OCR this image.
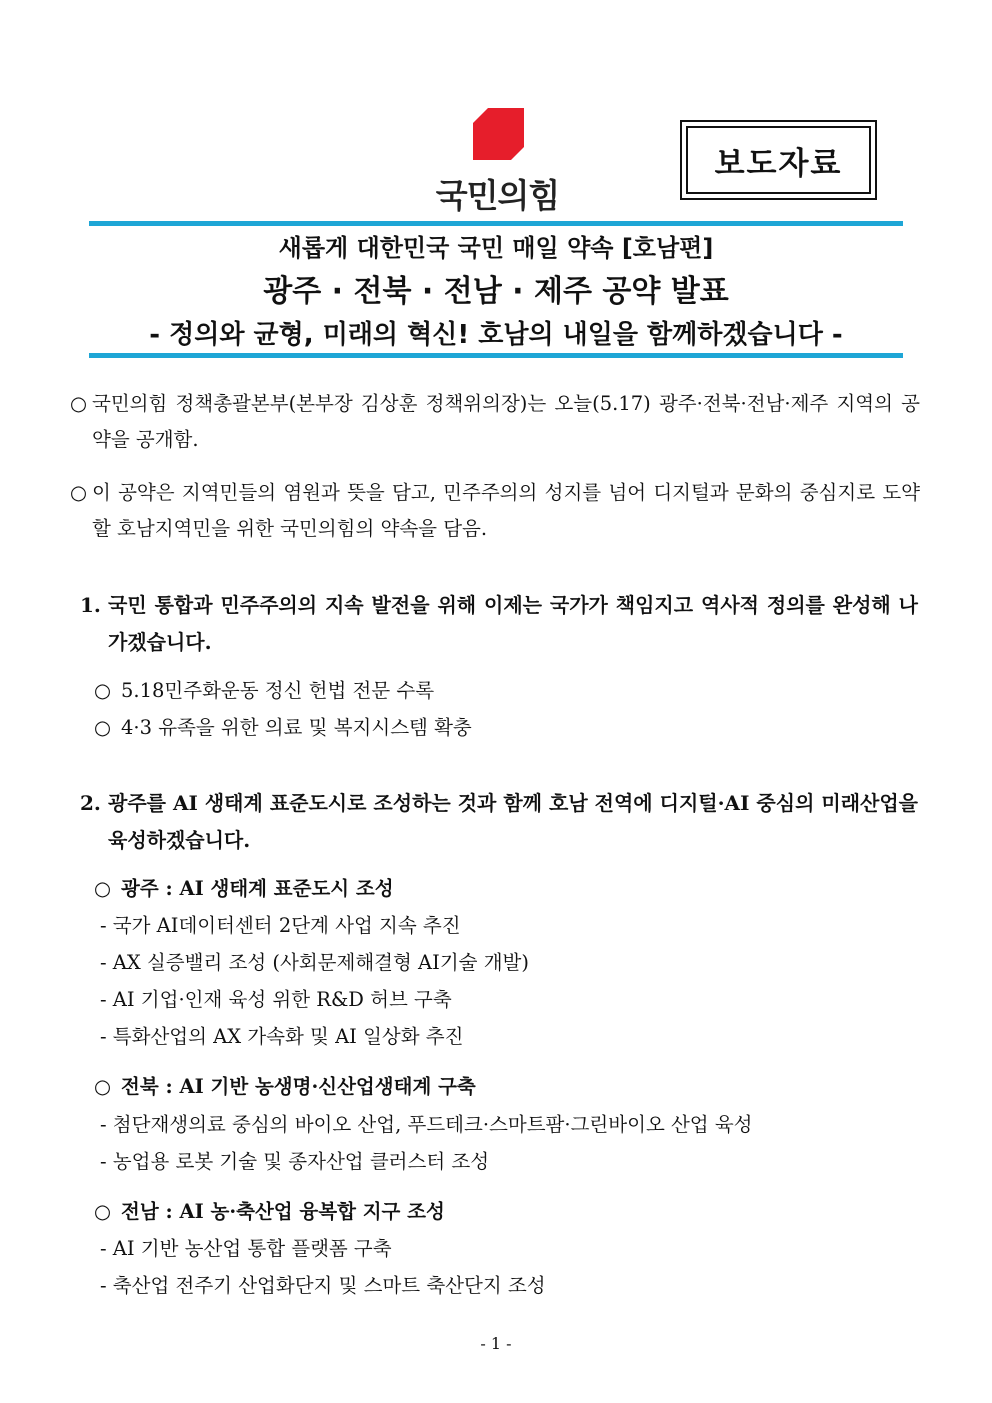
국민의힘
보도자료
새롭게 대한민국 국민 매일 약속 [호남편]
광주 · 전북 · 전남 · 제주 공약 발표
- 정의와 균형, 미래의 혁신! 호남의 내일을 함께하겠습니다 -
○ 국민의힘 정책총괄본부(본부장 김상훈 정책위의장)는 오늘(5.17) 광주·전북·전남·제주 지역의 공약을 공개함.
○ 이 공약은 지역민들의 염원과 뜻을 담고, 민주주의의 성지를 넘어 디지털과 문화의 중심지로 도약할 호남지역민을 위한 국민의힘의 약속을 담음.
1. 국민 통합과 민주주의의 지속 발전을 위해 이제는 국가가 책임지고 역사적 정의를 완성해 나가겠습니다.
○ 5.18민주화운동 정신 헌법 전문 수록
○ 4·3 유족을 위한 의료 및 복지시스템 확충
2. 광주를 AI 생태계 표준도시로 조성하는 것과 함께 호남 전역에 디지털·AI 중심의 미래산업을 육성하겠습니다.
○ 광주 : AI 생태계 표준도시 조성
- 국가 AI데이터센터 2단계 사업 지속 추진
- AX 실증밸리 조성 (사회문제해결형 AI기술 개발)
- AI 기업·인재 육성 위한 R&D 허브 구축
- 특화산업의 AX 가속화 및 AI 일상화 추진
○ 전북 : AI 기반 농생명·신산업생태계 구축
- 첨단재생의료 중심의 바이오 산업, 푸드테크·스마트팜·그린바이오 산업 육성
- 농업용 로봇 기술 및 종자산업 클러스터 조성
○ 전남 : AI 농·축산업 융복합 지구 조성
- AI 기반 농산업 통합 플랫폼 구축
- 축산업 전주기 산업화단지 및 스마트 축산단지 조성
- 1 -
